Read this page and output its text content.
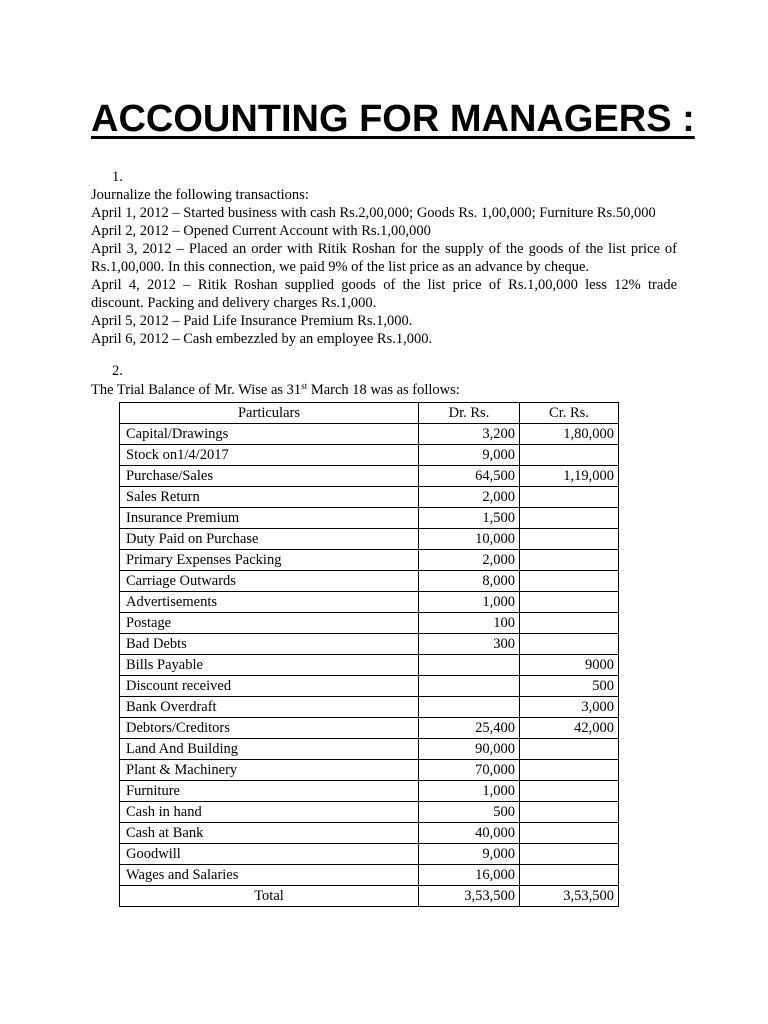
ACCOUNTING FOR MANAGERS :
1.
Journalize the following transactions:
April 1, 2012 – Started business with cash Rs.2,00,000; Goods Rs. 1,00,000; Furniture Rs.50,000
April 2, 2012 – Opened Current Account with Rs.1,00,000
April 3, 2012 – Placed an order with Ritik Roshan for the supply of the goods of the list price of
Rs.1,00,000. In this connection, we paid 9% of the list price as an advance by cheque.
April 4, 2012 – Ritik Roshan supplied goods of the list price of Rs.1,00,000 less 12% trade
discount. Packing and delivery charges Rs.1,000.
April 5, 2012 – Paid Life Insurance Premium Rs.1,000.
April 6, 2012 – Cash embezzled by an employee Rs.1,000.
2.
The Trial Balance of Mr. Wise as 31st March 18 was as follows:
Particulars	Dr. Rs.	Cr. Rs.
Capital/Drawings	3,200	1,80,000
Stock on1/4/2017	9,000	
Purchase/Sales	64,500	1,19,000
Sales Return	2,000	
Insurance Premium	1,500	
Duty Paid on Purchase	10,000	
Primary Expenses Packing	2,000	
Carriage Outwards	8,000	
Advertisements	1,000	
Postage	100	
Bad Debts	300	
Bills Payable		9000
Discount received		500
Bank Overdraft		3,000
Debtors/Creditors	25,400	42,000
Land And Building	90,000	
Plant & Machinery	70,000	
Furniture	1,000	
Cash in hand	500	
Cash at Bank	40,000	
Goodwill	9,000	
Wages and Salaries	16,000	
Total	3,53,500	3,53,500
